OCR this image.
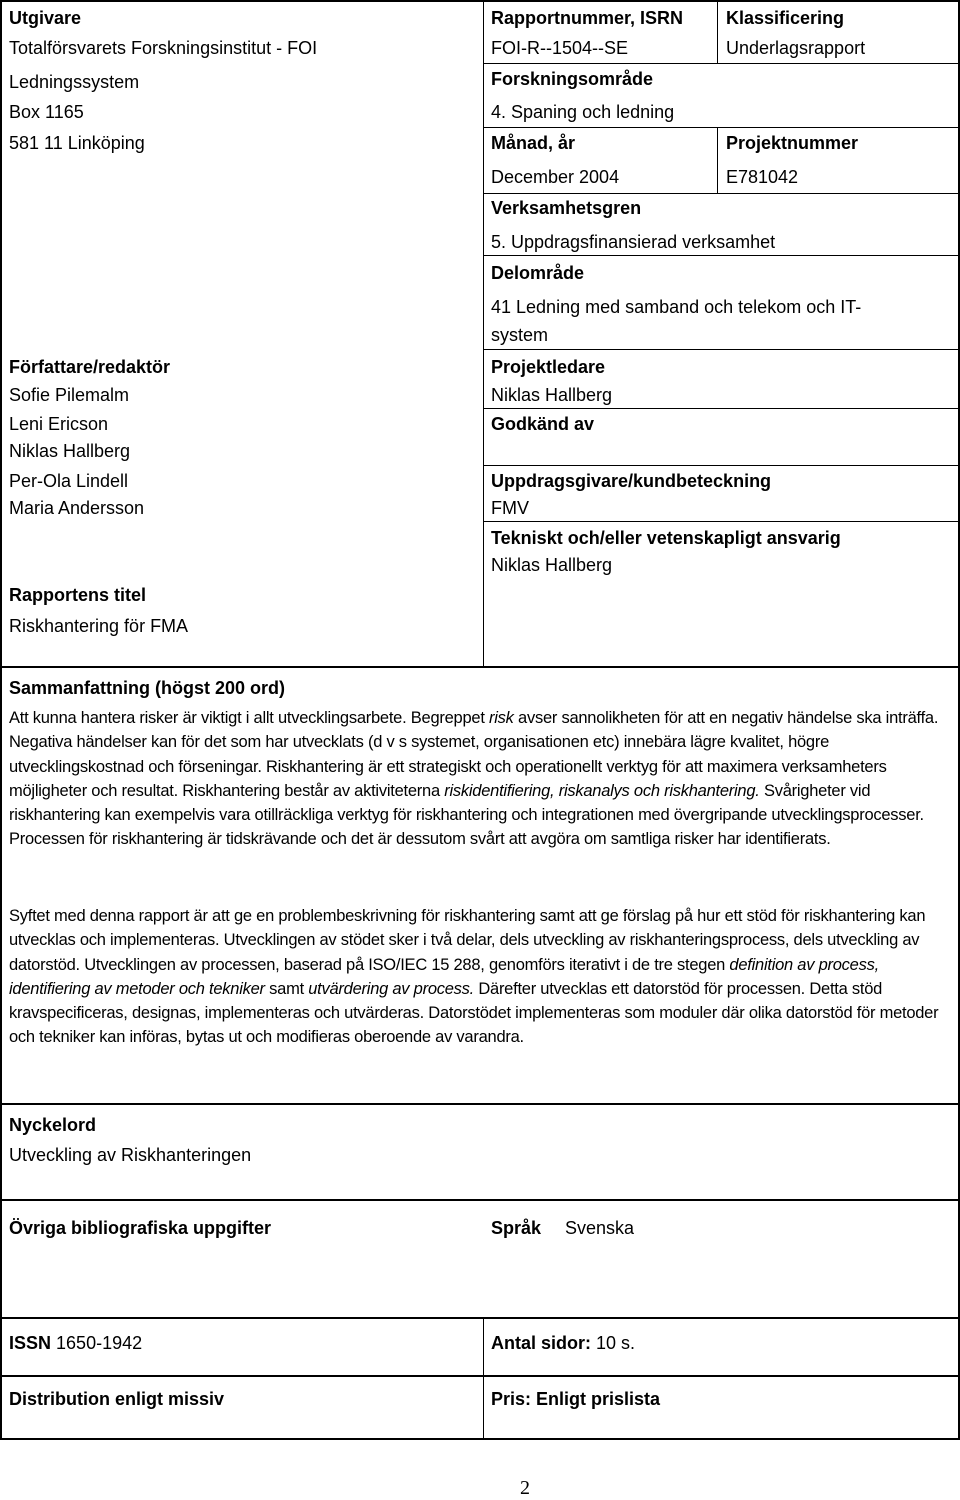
Utgivare
Totalförsvarets Forskningsinstitut - FOI
Ledningssystem
Box 1165
581 11 Linköping
Författare/redaktör
Sofie Pilemalm
Leni Ericson
Niklas Hallberg
Per-Ola Lindell
Maria Andersson
Rapportens titel
Riskhantering för FMA
Rapportnummer, ISRN
FOI-R--1504--SE
Klassificering
Underlagsrapport
Forskningsområde
4. Spaning och ledning
Månad, år
December 2004
Projektnummer
E781042
Verksamhetsgren
5. Uppdragsfinansierad verksamhet
Delområde
41 Ledning med samband och telekom och IT-
system
Projektledare
Niklas Hallberg
Godkänd av
Uppdragsgivare/kundbeteckning
FMV
Tekniskt och/eller vetenskapligt ansvarig
Niklas Hallberg
Sammanfattning (högst 200 ord)
Att kunna hantera risker är viktigt i allt utvecklingsarbete. Begreppet risk avser sannolikheten för att en negativ händelse ska inträffa. Negativa händelser kan för det som har utvecklats (d v s systemet, organisationen etc) innebära lägre kvalitet, högre utvecklingskostnad och förseningar. Riskhantering är ett strategiskt och operationellt verktyg för att maximera verksamheters möjligheter och resultat. Riskhantering består av aktiviteterna riskidentifiering, riskanalys och riskhantering. Svårigheter vid riskhantering kan exempelvis vara otillräckliga verktyg för riskhantering och integrationen med övergripande utvecklingsprocesser. Processen för riskhantering är tidskrävande och det är dessutom svårt att avgöra om samtliga risker har identifierats.
Syftet med denna rapport är att ge en problembeskrivning för riskhantering samt att ge förslag på hur ett stöd för riskhantering kan utvecklas och implementeras. Utvecklingen av stödet sker i två delar, dels utveckling av riskhanteringsprocess, dels utveckling av datorstöd. Utvecklingen av processen, baserad på ISO/IEC 15 288, genomförs iterativt i de tre stegen definition av process, identifiering av metoder och tekniker samt utvärdering av process. Därefter utvecklas ett datorstöd för processen. Detta stöd kravspecificeras, designas, implementeras och utvärderas. Datorstödet implementeras som moduler där olika datorstöd för metoder och tekniker kan införas, bytas ut och modifieras oberoende av varandra.
Nyckelord
Utveckling av Riskhanteringen
Övriga bibliografiska uppgifter	Språk Svenska
ISSN 1650-1942	Antal sidor: 10 s.
Distribution enligt missiv	Pris: Enligt prislista
2
